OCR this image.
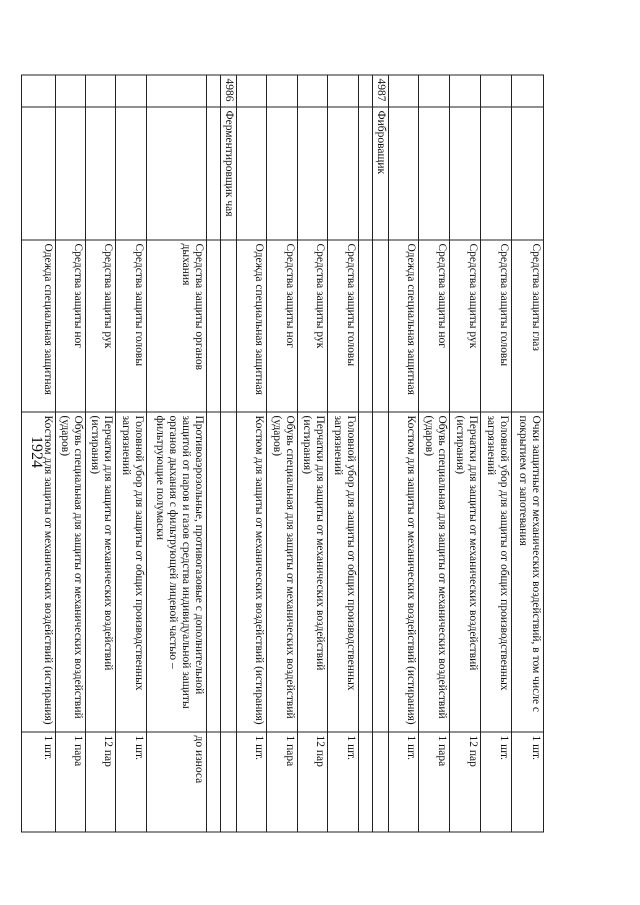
1924
		Средства защиты глаз	Очки защитные от механических воздействий, в том числе с покрытием от запотевания	1 шт.
		Средства защиты головы	Головной убор для защиты от общих производственных загрязнений	1 шт.
		Средства защиты рук	Перчатки для защиты от механических воздействий (истирания)	12 пар
		Средства защиты ног	Обувь специальная для защиты от механических воздействий (ударов)	1 пара
		Одежда специальная защитная	Костюм для защиты от механических воздействий (истирания)	1 шт.
4987	Фиброващик			

		Средства защиты головы	Головной убор для защиты от общих производственных загрязнений	1 шт.
		Средства защиты рук	Перчатки для защиты от механических воздействий (истирания)	12 пар
		Средства защиты ног	Обувь специальная для защиты от механических воздействий (ударов)	1 пара
		Одежда специальная защитная	Костюм для защиты от механических воздействий (истирания)	1 шт.
4986	Ферментировщик чая			

		Средства защиты органов дыхания	Противоаэрозольные, противогазовые с дополнительной защитой от паров и газов средства индивидуальной защиты органов дыхания с фильтрующей лицевой частью – фильтрующие полумаски	до износа
		Средства защиты головы	Головной убор для защиты от общих производственных загрязнений	1 шт.
		Средства защиты рук	Перчатки для защиты от механических воздействий (истирания)	12 пар
		Средства защиты ног	Обувь специальная для защиты от механических воздействий (ударов)	1 пара
		Одежда специальная защитная	Костюм для защиты от механических воздействий (истирания)	1 шт.
